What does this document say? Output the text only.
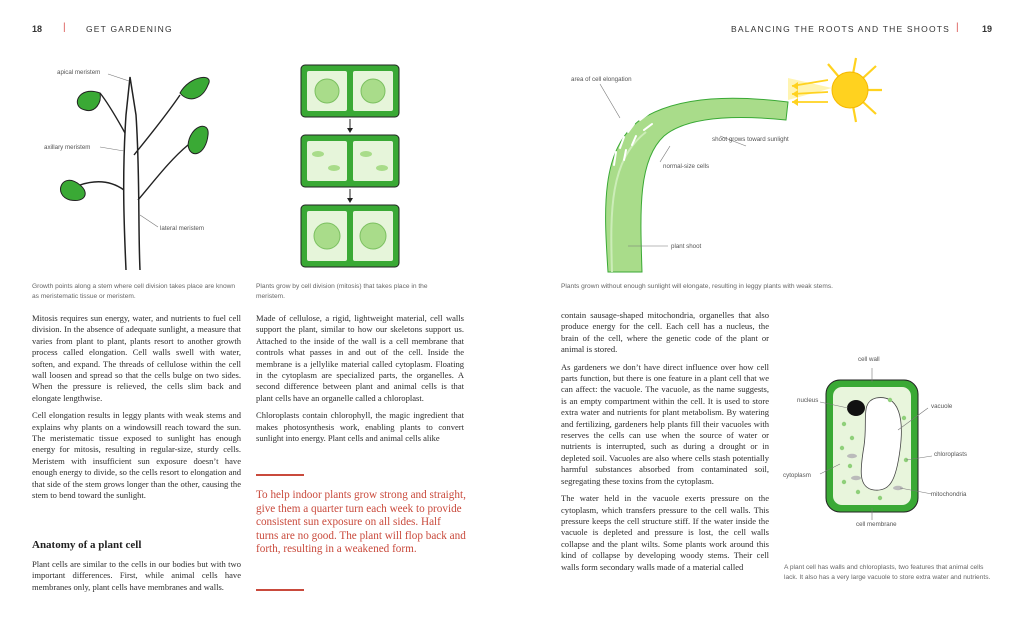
18 | GET GARDENING	BALANCING THE ROOTS AND THE SHOOTS |	19
apical meristem
axillary meristem
lateral meristem
Growth points along a stem where cell division takes place are known as meristematic tissue or meristem.
Plants grow by cell division (mitosis) that takes place in the meristem.
area of cell elongation
shoot grows toward sunlight
normal-size cells
plant shoot
Plants grown without enough sunlight will elongate, resulting in leggy plants with weak stems.
cell wall
nucleus
vacuole
chloroplasts
cytoplasm
mitochondria
cell membrane
A plant cell has walls and chloroplasts, two features that animal cells lack. It also has a very large vacuole to store extra water and nutrients.

Mitosis requires sun energy, water, and nutrients to fuel cell division. In the absence of adequate sunlight, a measure that varies from plant to plant, plants resort to another growth process called elongation. Cell walls swell with water, soften, and expand. The threads of cellulose within the cell wall loosen and spread so that the cells bulge on two sides. When the pressure is relieved, the cells slim back and elongate lengthwise.

Cell elongation results in leggy plants with weak stems and explains why plants on a windowsill reach toward the sun. The meristematic tissue exposed to sunlight has enough energy for mitosis, resulting in regular-size, sturdy cells. Meristem with insufficient sun exposure doesn’t have enough energy to divide, so the cells resort to elongation and that side of the stem grows longer than the other, causing the stem to bend toward the sunlight.

Anatomy of a plant cell
Plant cells are similar to the cells in our bodies but with two important differences. First, while animal cells have membranes only, plant cells have membranes and walls.

Made of cellulose, a rigid, lightweight material, cell walls support the plant, similar to how our skeletons support us. Attached to the inside of the wall is a cell membrane that controls what passes in and out of the cell. Inside the membrane is a jellylike material called cytoplasm. Floating in the cytoplasm are specialized parts, the organelles. A second difference between plant and animal cells is that plant cells have an organelle called a chloroplast.

Chloroplasts contain chlorophyll, the magic ingredient that makes photosynthesis work, enabling plants to convert sunlight into energy. Plant cells and animal cells alike

To help indoor plants grow strong and straight, give them a quarter turn each week to provide consistent sun exposure on all sides. Half turns are no good. The plant will flop back and forth, resulting in a weakened form.

contain sausage-shaped mitochondria, organelles that also produce energy for the cell. Each cell has a nucleus, the brain of the cell, where the genetic code of the plant or animal is stored.

As gardeners we don’t have direct influence over how cell parts function, but there is one feature in a plant cell that we can affect: the vacuole. The vacuole, as the name suggests, is an empty compartment within the cell. It is used to store extra water and nutrients for plant metabolism. By watering and fertilizing, gardeners help plants fill their vacuoles with reserves the cells can use when the source of water or nutrients is interrupted, such as during a drought or in depleted soil. Vacuoles are also where cells stash potentially harmful substances absorbed from contaminated soil, segregating these toxins from the cytoplasm.

The water held in the vacuole exerts pressure on the cytoplasm, which transfers pressure to the cell walls. This pressure keeps the cell structure stiff. If the water inside the vacuole is depleted and pressure is lost, the cell walls collapse and the plant wilts. Some plants work around this kind of collapse by developing woody stems. Their cell walls form secondary walls made of a material called
